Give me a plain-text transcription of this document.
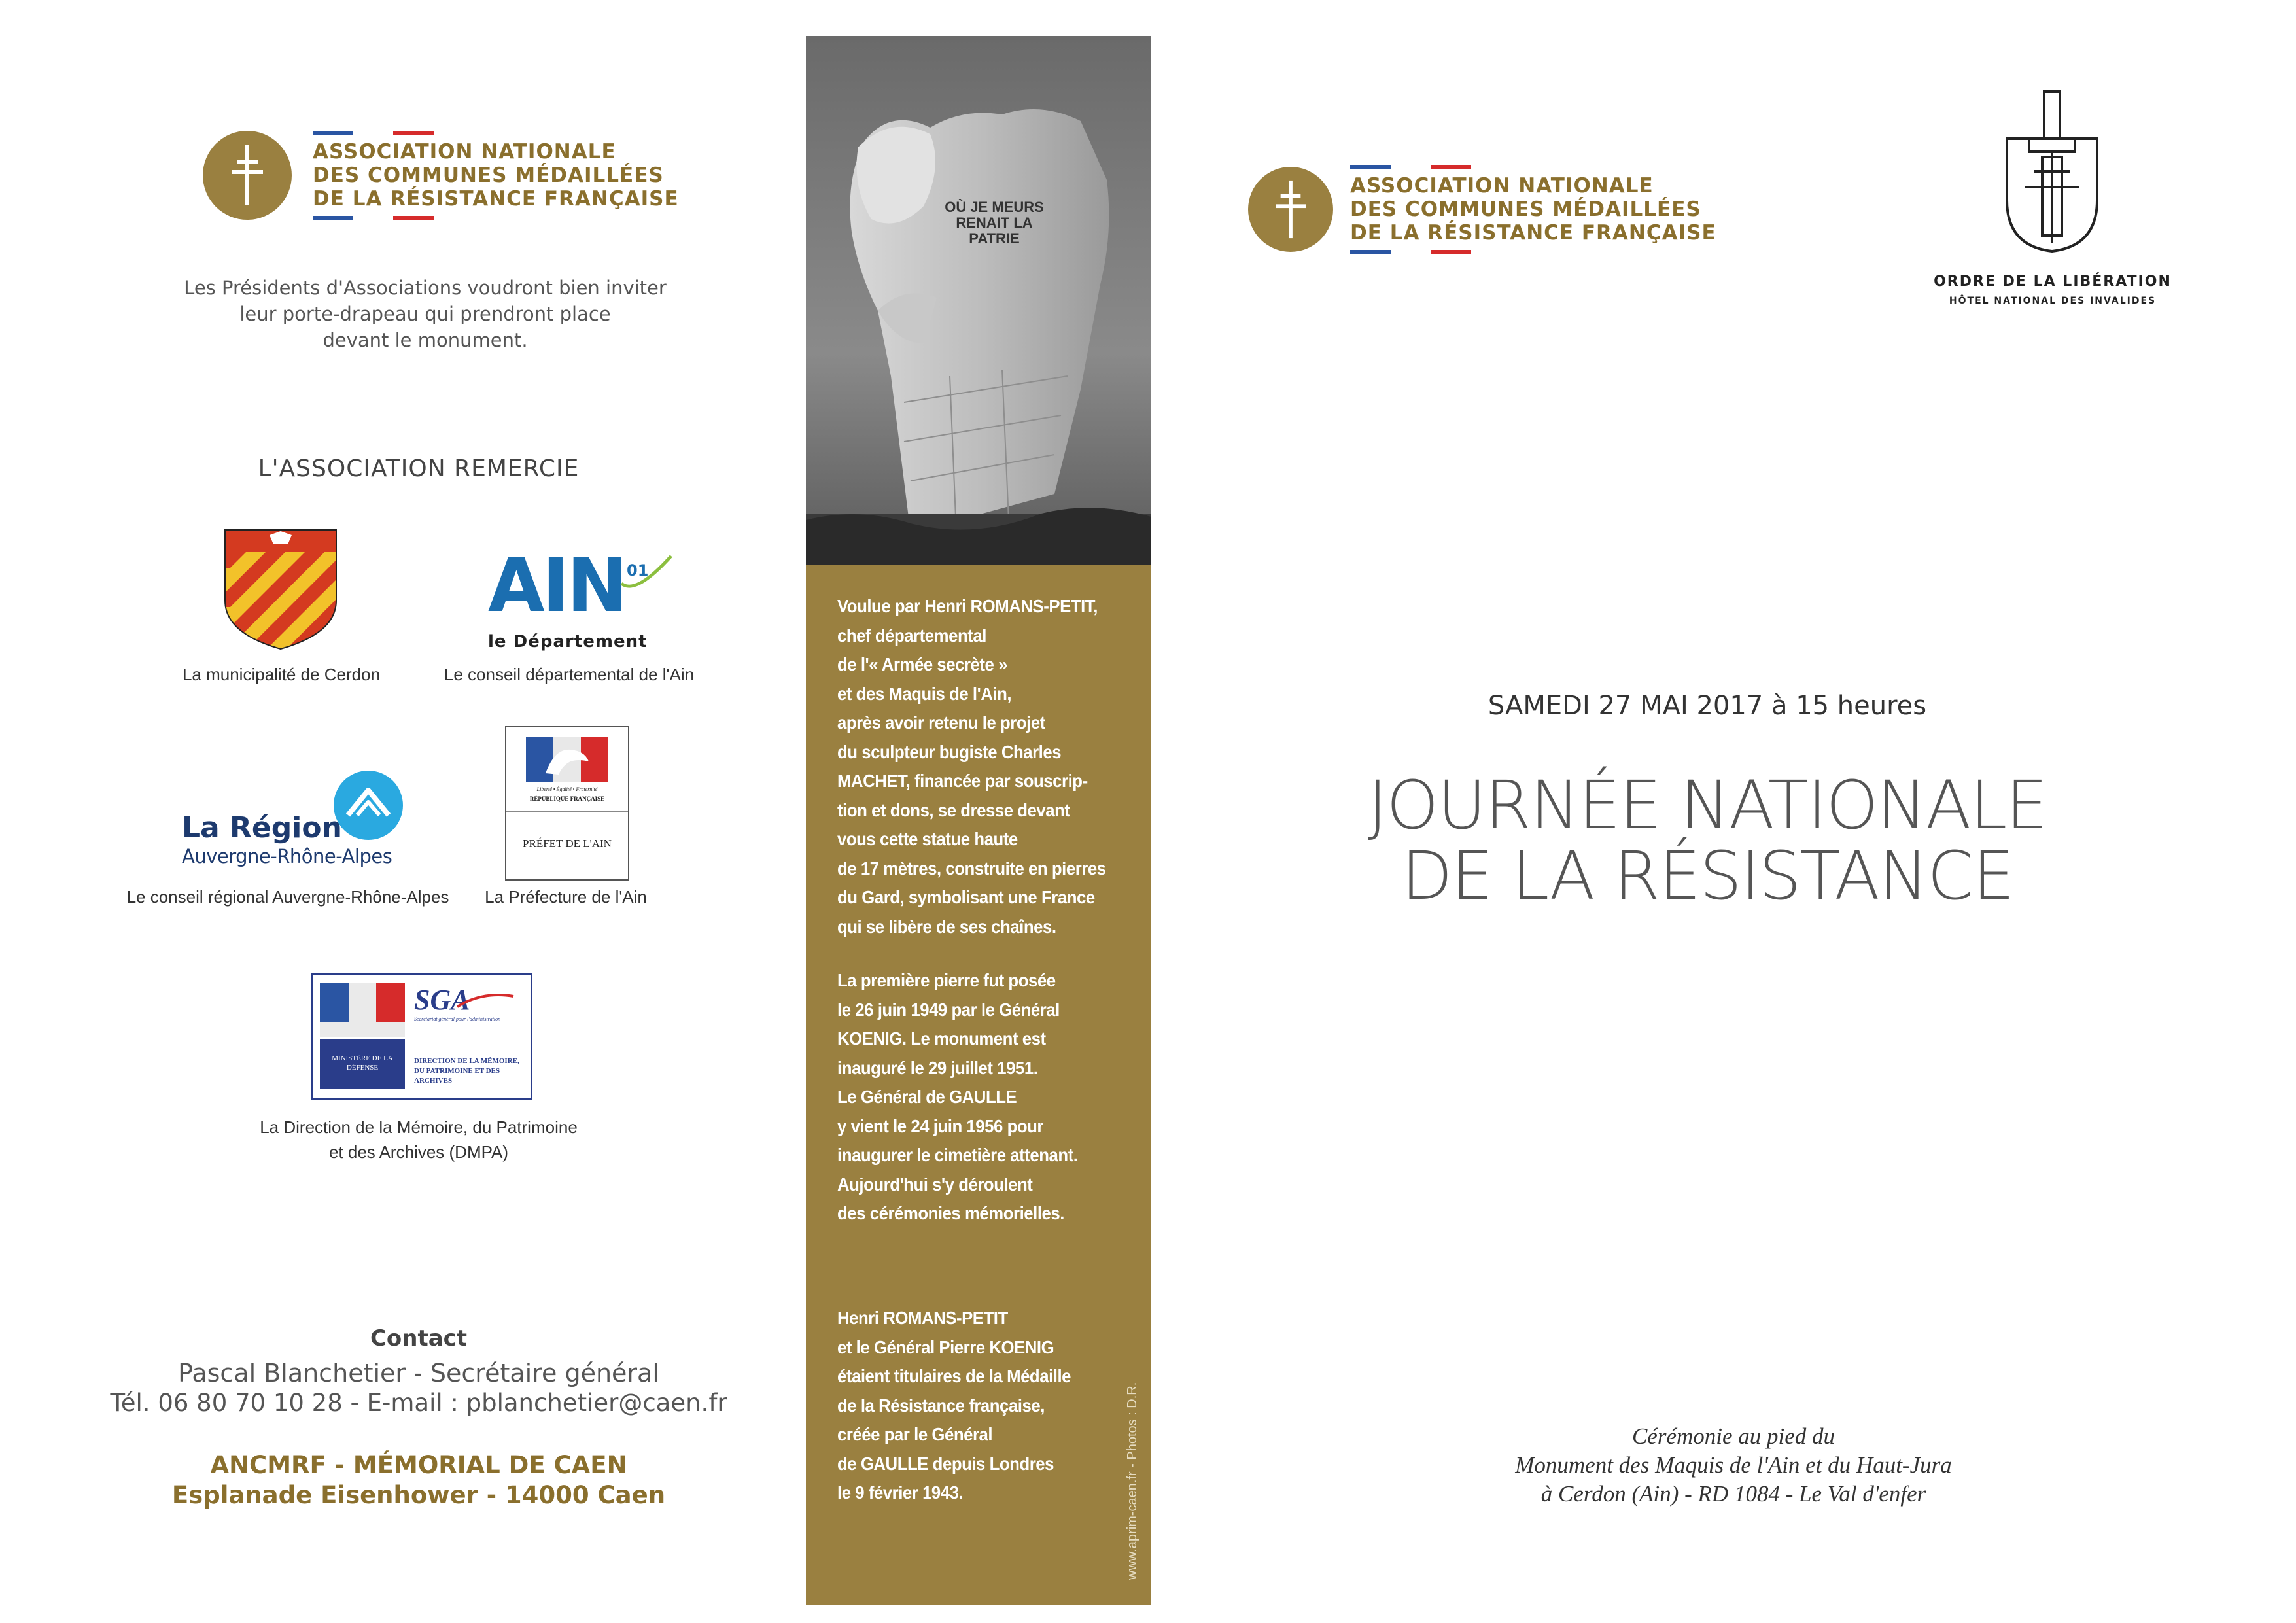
ASSOCIATION NATIONALE
DES COMMUNES MÉDAILLÉES
DE LA RÉSISTANCE FRANÇAISE
Les Présidents d'Associations voudront bien inviter
leur porte-drapeau qui prendront place
devant le monument.
L'ASSOCIATION REMERCIE
La municipalité de Cerdon
AIN 01
le Département
Le conseil départemental de l'Ain
La Région
Auvergne-Rhône-Alpes
Le conseil régional Auvergne-Rhône-Alpes
Liberté • Égalité • Fraternité
RÉPUBLIQUE FRANÇAISE
PRÉFET DE L'AIN
La Préfecture de l'Ain
MINISTÈRE DE LA DÉFENSE
SGA
Secrétariat général pour l'administration
DIRECTION DE LA MÉMOIRE,
DU PATRIMOINE ET DES ARCHIVES
La Direction de la Mémoire, du Patrimoine
et des Archives (DMPA)
Contact
Pascal Blanchetier - Secrétaire général
Tél. 06 80 70 10 28 - E-mail : pblanchetier@caen.fr
ANCMRF - MÉMORIAL DE CAEN
Esplanade Eisenhower - 14000 Caen
OÙ JE MEURS
RENAIT LA
PATRIE

Voulue par Henri ROMANS-PETIT,

chef départemental

de l'« Armée secrète »

et des Maquis de l'Ain,

après avoir retenu le projet

du sculpteur bugiste Charles

MACHET, financée par souscrip-

tion et dons, se dresse devant

vous cette statue haute

de 17 mètres, construite en pierres

du Gard, symbolisant une France

qui se libère de ses chaînes.

La première pierre fut posée

le 26 juin 1949 par le Général

KOENIG. Le monument est

inauguré le 29 juillet 1951.

Le Général de GAULLE

y vient le 24 juin 1956 pour

inaugurer le cimetière attenant.

Aujourd'hui s'y déroulent

des cérémonies mémorielles.

Henri ROMANS-PETIT

et le Général Pierre KOENIG

étaient titulaires de la Médaille

de la Résistance française,

créée par le Général

de GAULLE depuis Londres

le 9 février 1943.	www.aprim-caen.fr - Photos : D.R.
ASSOCIATION NATIONALE
DES COMMUNES MÉDAILLÉES
DE LA RÉSISTANCE FRANÇAISE
ORDRE DE LA LIBÉRATION
HÔTEL NATIONAL DES INVALIDES
SAMEDI 27 MAI 2017 à 15 heures
JOURNÉE NATIONALE
DE LA RÉSISTANCE
Cérémonie au pied du
Monument des Maquis de l'Ain et du Haut-Jura
à Cerdon (Ain) - RD 1084 - Le Val d'enfer
